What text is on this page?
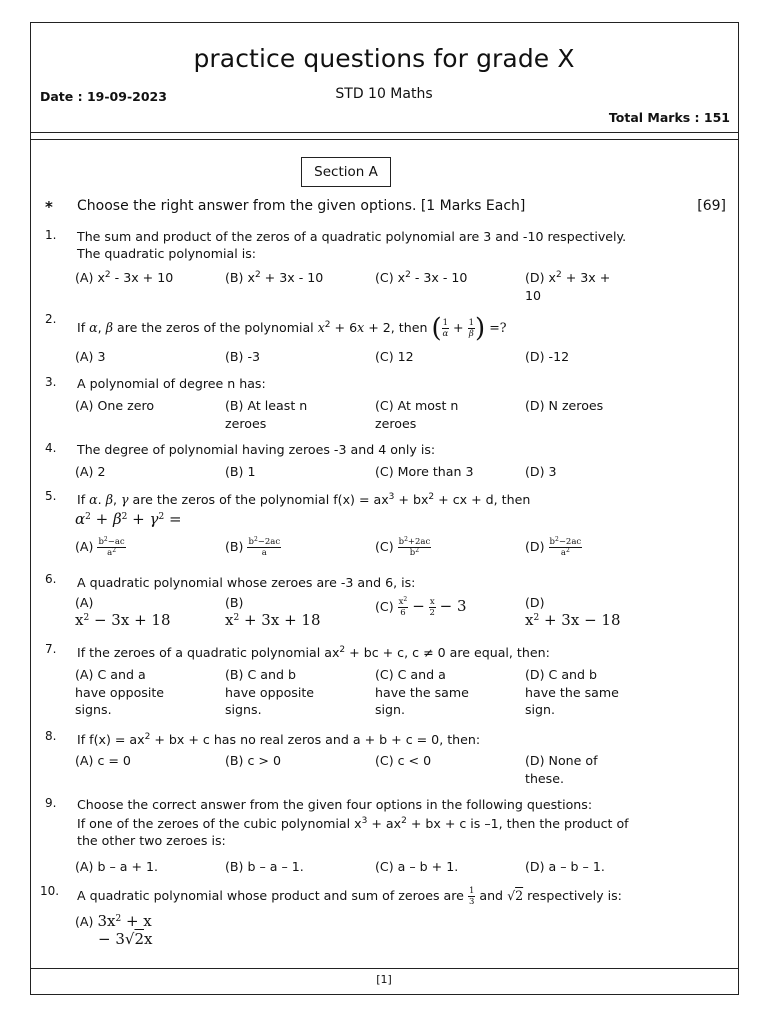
practice questions for grade X
Date : 19-09-2023	STD 10 Maths
Total Marks : 151
Section A
* Choose the right answer from the given options. [1 Marks Each]	[69]
1. The sum and product of the zeros of a quadratic polynomial are 3 and -10 respectively.
The quadratic polynomial is:
(A) $x^2 - 3x + 10$	(B) $x^2 + 3x - 10$	(C) $x^2 - 3x - 10$	(D) $x^2 + 3x$ +
10
2.
If α, β are the zeros of the polynomial $x^2 + 6x + 2$, then ( $\frac{1}{\alpha} + \frac{1}{\beta}$ ) =?
(A) 3	(B) -3	(C) 12	(D) -12
3. A polynomial of degree n has:
(A) One zero	(B) At least n
zeroes
(C) At most n
zeroes
(D) N zeroes
4. The degree of polynomial having zeroes -3 and 4 only is:
(A) 2	(B) 1	(C) More than 3	(D) 3
5. If α. β, γ are the zeros of the polynomial $f(x) = ax^3 + bx^2$ + cx + d, then
$\alpha^2 + \beta^2 + \gamma^2$ =
$(A) \frac{b^2-ac}{a^2}$	$(B) \frac{b^2-2ac}{a}$	$(C) \frac{b^2+2ac}{b^2}$	$(D) \frac{b^2-2ac}{a^2}$
6. A quadratic polynomial whose zeroes are -3 and 6, is:
(A)
$x^2 - 3x + 18$
(B)
$x^2 + 3x + 18$
$(C) \frac{x^2}{6} - \frac{x}{2} - 3$	(D)
$x^2 + 3x - 18$
7. If the zeroes of a quadratic polynomial $ax^2$ + bc + c, c ≠ 0 are equal, then:
(A) C and a
have opposite
signs.
(B) C and b
have opposite
signs.
(C) C and a
have the same
sign.
(D) C and b
have the same
sign.
8. If $f(x) = ax^2$ + bx + c has no real zeros and a + b + c = 0, then:
(A) c = 0	(B) c > 0	(C) c < 0	(D) None of
these.
9. Choose the correct answer from the given four options in the following questions:
If one of the zeroes of the cubic polynomial $x^3 + ax^2$ + bx + c is –1, then the product of
the other two zeroes is:
(A) b – a + 1.	(B) b – a – 1.	(C) a – b + 1.	(D) a – b – 1.
10. A quadratic polynomial whose product and sum of zeroes are $\frac{1}{3}$ and √2 respectively is:
(A) $3x^2 + x$
− 3√2x
[1]
